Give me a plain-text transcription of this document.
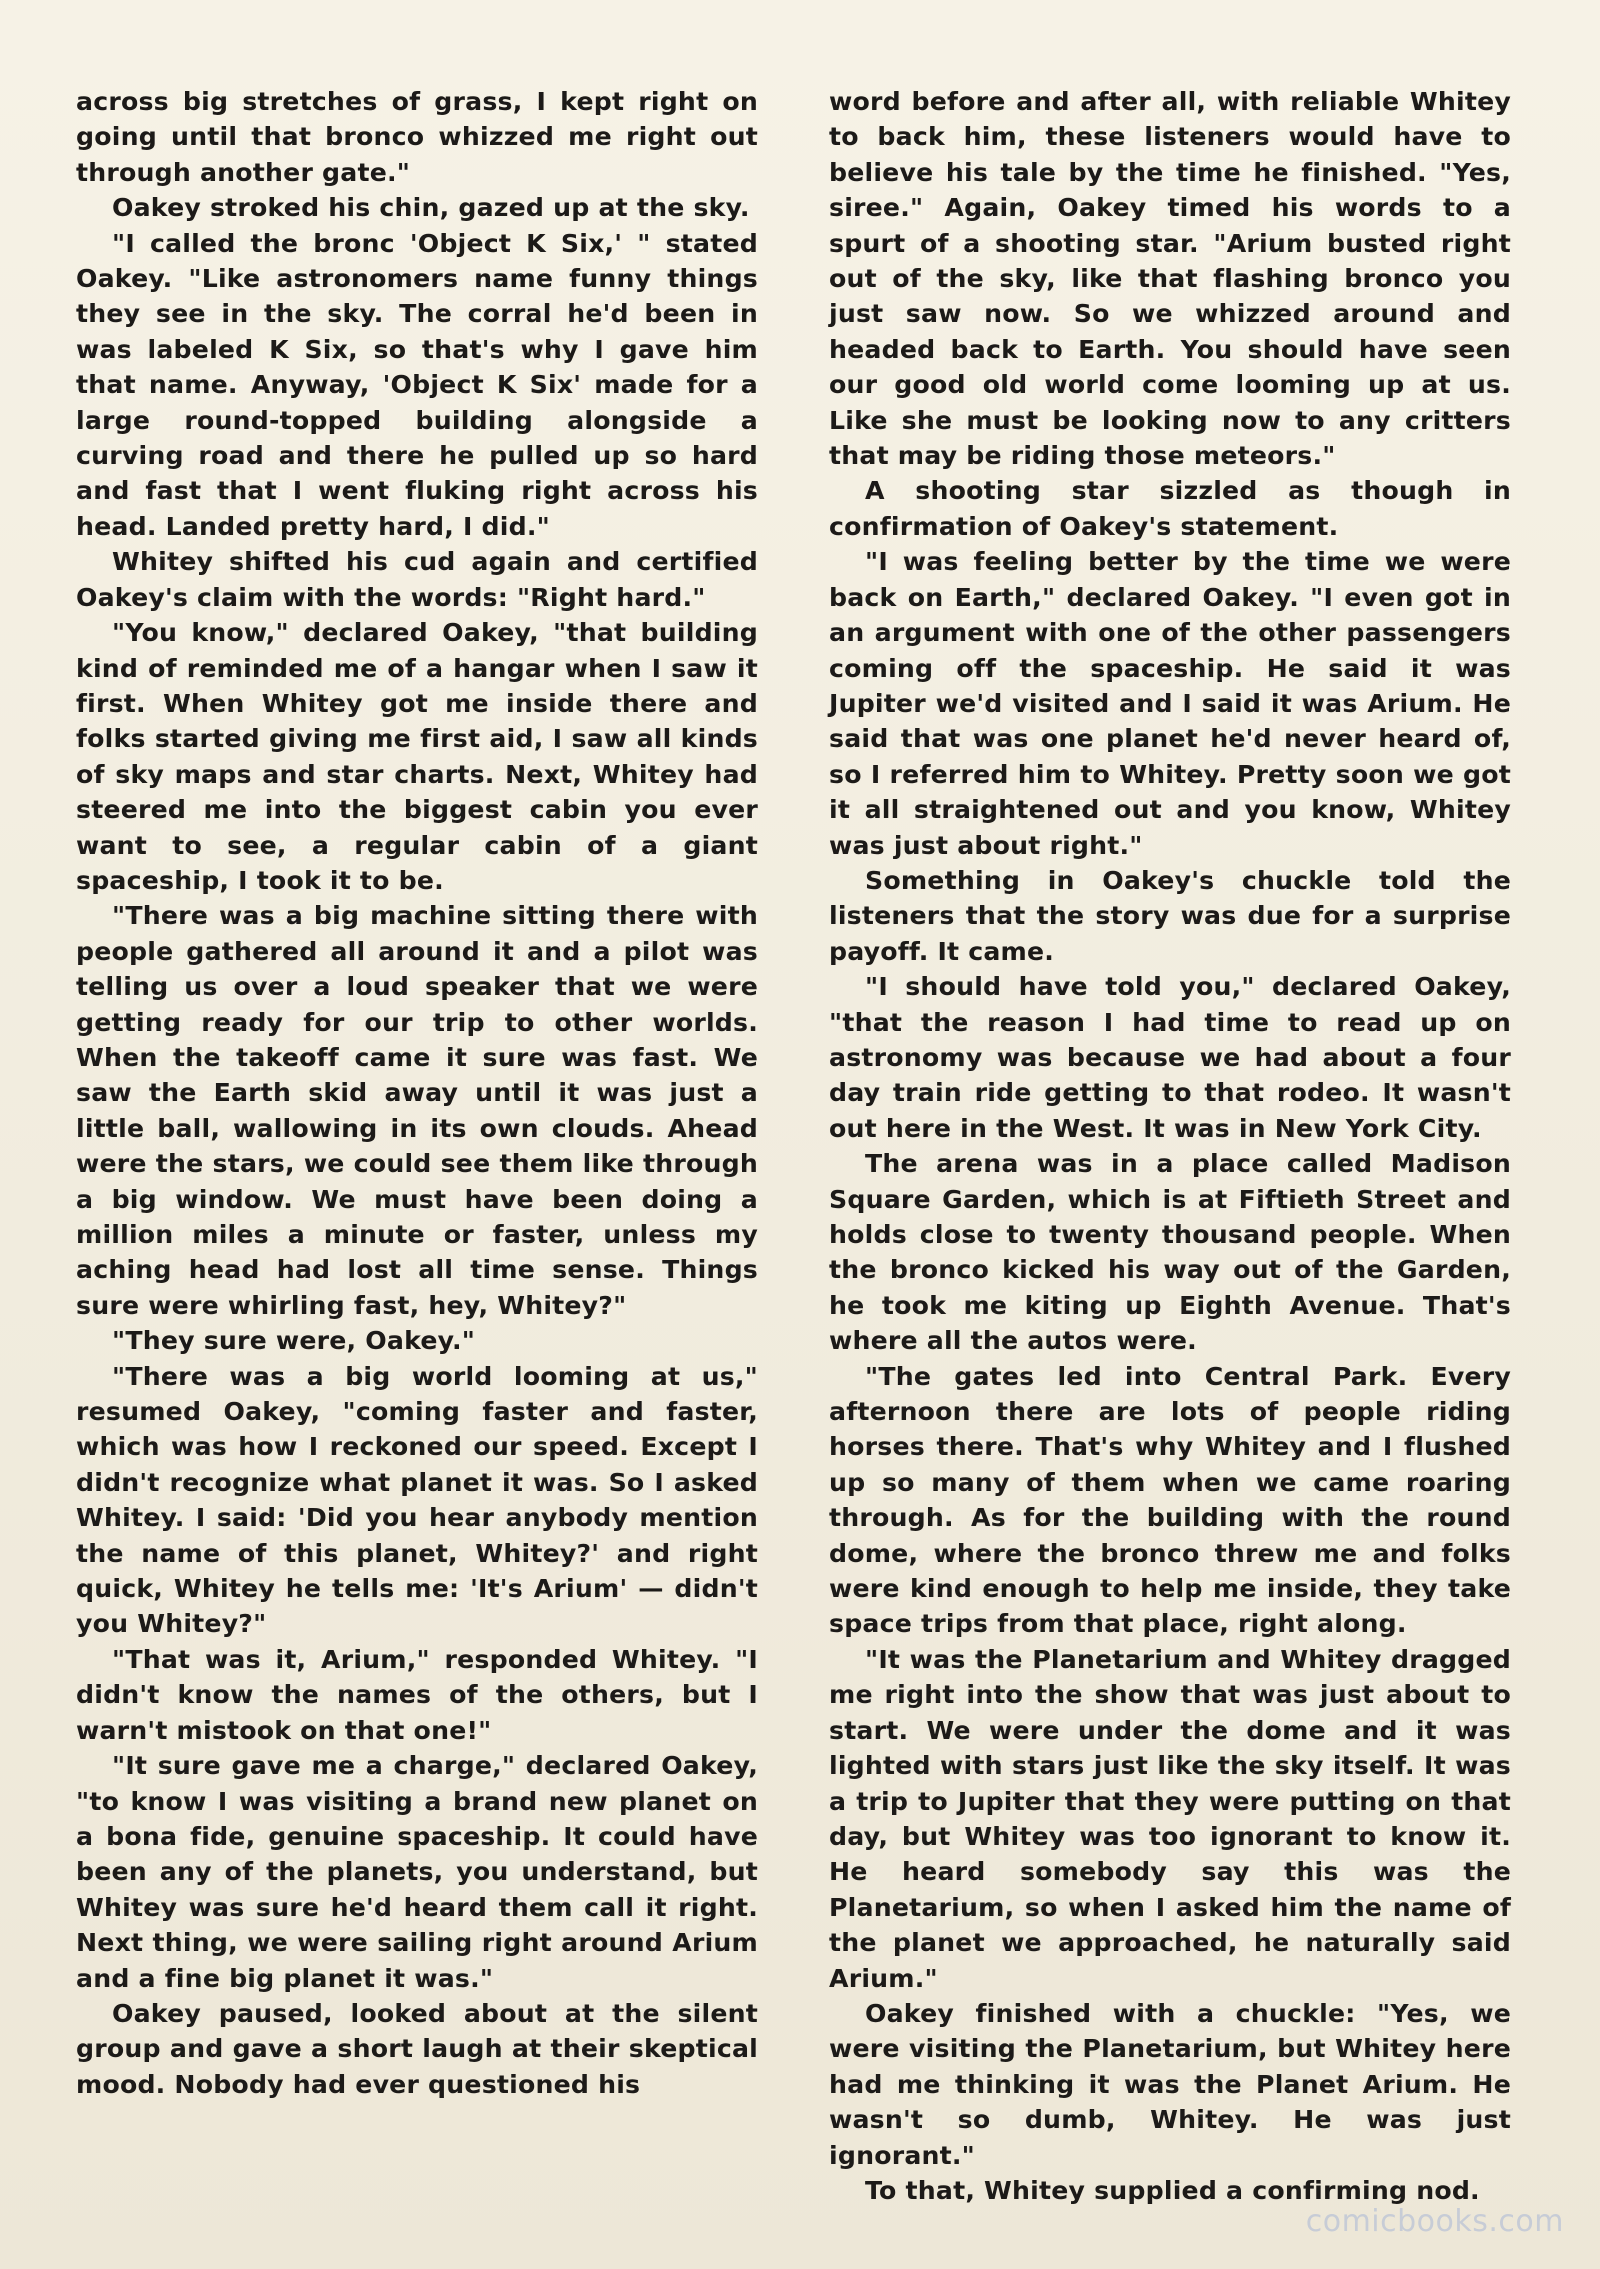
across big stretches of grass, I kept right on going until that bronco whizzed me right out through another gate."

Oakey stroked his chin, gazed up at the sky.

"I called the bronc 'Object K Six,' " stated Oakey. "Like astronomers name funny things they see in the sky. The corral he'd been in was labeled K Six, so that's why I gave him that name. Anyway, 'Object K Six' made for a large round-topped building alongside a curving road and there he pulled up so hard and fast that I went fluking right across his head. Landed pretty hard, I did."

Whitey shifted his cud again and certified Oakey's claim with the words: "Right hard."

"You know," declared Oakey, "that building kind of reminded me of a hangar when I saw it first. When Whitey got me inside there and folks started giving me first aid, I saw all kinds of sky maps and star charts. Next, Whitey had steered me into the biggest cabin you ever want to see, a regular cabin of a giant spaceship, I took it to be.

"There was a big machine sitting there with people gathered all around it and a pilot was telling us over a loud speaker that we were getting ready for our trip to other worlds. When the takeoff came it sure was fast. We saw the Earth skid away until it was just a little ball, wallowing in its own clouds. Ahead were the stars, we could see them like through a big window. We must have been doing a million miles a minute or faster, unless my aching head had lost all time sense. Things sure were whirling fast, hey, Whitey?"

"They sure were, Oakey."

"There was a big world looming at us," resumed Oakey, "coming faster and faster, which was how I reckoned our speed. Except I didn't recognize what planet it was. So I asked Whitey. I said: 'Did you hear anybody mention the name of this planet, Whitey?' and right quick, Whitey he tells me: 'It's Arium' — didn't you Whitey?"

"That was it, Arium," responded Whitey. "I didn't know the names of the others, but I warn't mistook on that one!"

"It sure gave me a charge," declared Oakey, "to know I was visiting a brand new planet on a bona fide, genuine spaceship. It could have been any of the planets, you understand, but Whitey was sure he'd heard them call it right. Next thing, we were sailing right around Arium and a fine big planet it was."

Oakey paused, looked about at the silent group and gave a short laugh at their skeptical mood. Nobody had ever questioned his

word before and after all, with reliable Whitey to back him, these listeners would have to believe his tale by the time he finished. "Yes, siree." Again, Oakey timed his words to a spurt of a shooting star. "Arium busted right out of the sky, like that flashing bronco you just saw now. So we whizzed around and headed back to Earth. You should have seen our good old world come looming up at us. Like she must be looking now to any critters that may be riding those meteors."

A shooting star sizzled as though in confirmation of Oakey's statement.

"I was feeling better by the time we were back on Earth," declared Oakey. "I even got in an argument with one of the other passengers coming off the spaceship. He said it was Jupiter we'd visited and I said it was Arium. He said that was one planet he'd never heard of, so I referred him to Whitey. Pretty soon we got it all straightened out and you know, Whitey was just about right."

Something in Oakey's chuckle told the listeners that the story was due for a surprise payoff. It came.

"I should have told you," declared Oakey, "that the reason I had time to read up on astronomy was because we had about a four day train ride getting to that rodeo. It wasn't out here in the West. It was in New York City.

The arena was in a place called Madison Square Garden, which is at Fiftieth Street and holds close to twenty thousand people. When the bronco kicked his way out of the Garden, he took me kiting up Eighth Avenue. That's where all the autos were.

"The gates led into Central Park. Every afternoon there are lots of people riding horses there. That's why Whitey and I flushed up so many of them when we came roaring through. As for the building with the round dome, where the bronco threw me and folks were kind enough to help me inside, they take space trips from that place, right along.

"It was the Planetarium and Whitey dragged me right into the show that was just about to start. We were under the dome and it was lighted with stars just like the sky itself. It was a trip to Jupiter that they were putting on that day, but Whitey was too ignorant to know it. He heard somebody say this was the Planetarium, so when I asked him the name of the planet we approached, he naturally said Arium."

Oakey finished with a chuckle: "Yes, we were visiting the Planetarium, but Whitey here had me thinking it was the Planet Arium. He wasn't so dumb, Whitey. He was just ignorant."

To that, Whitey supplied a confirming nod.

comicbooks.com
